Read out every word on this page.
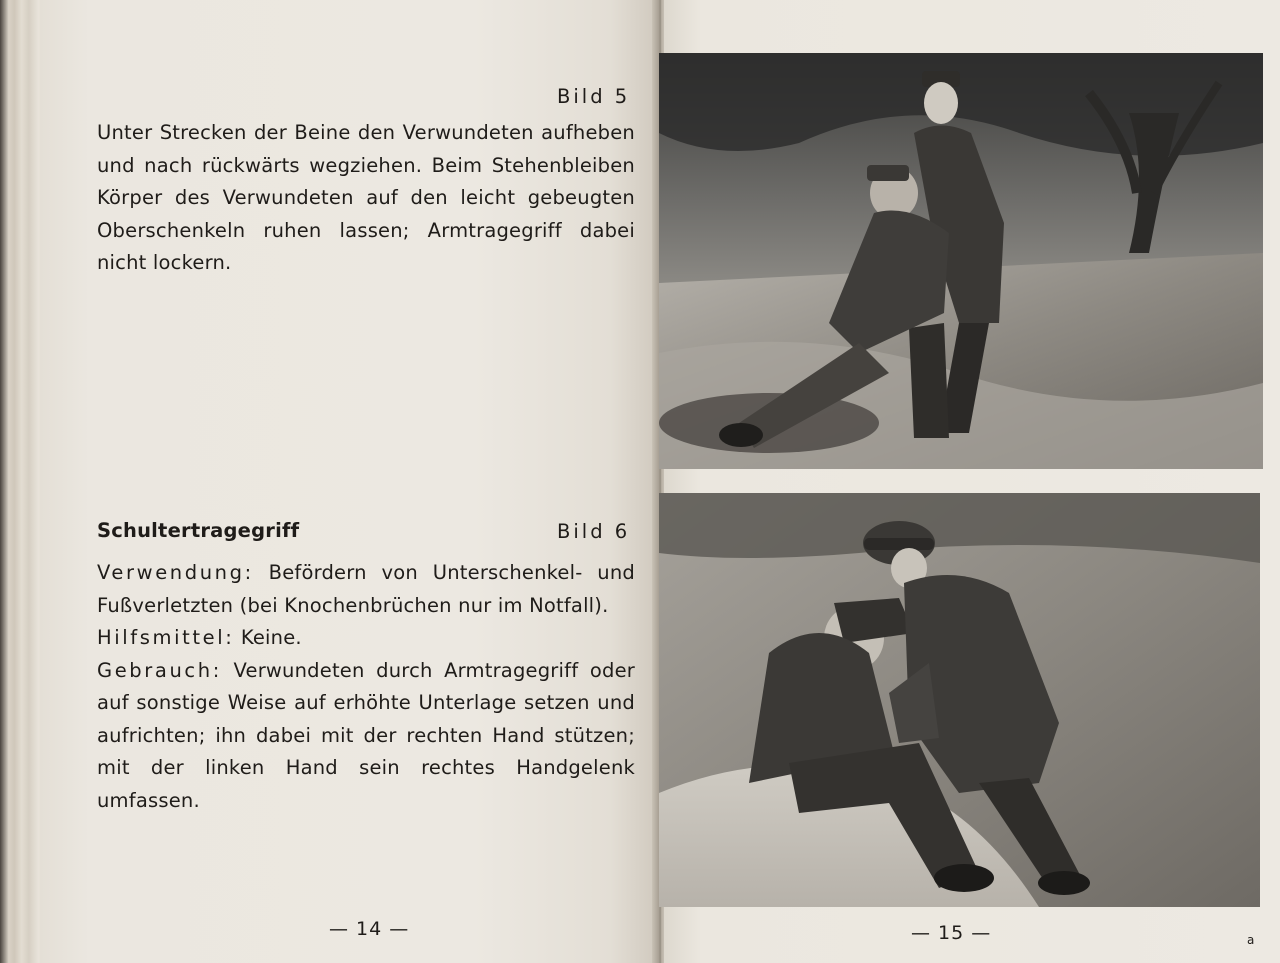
Bild 5

Unter Strecken der Beine den Verwundeten aufheben und nach rückwärts wegziehen. Beim Stehenbleiben Körper des Verwundeten auf den leicht gebeugten Oberschenkeln ruhen lassen; Armtragegriff dabei nicht lockern.

Schultertragegriff	Bild 6

Verwendung: Befördern von Unterschenkel- und Fußverletzten (bei Knochenbrüchen nur im Notfall).

Hilfsmittel: Keine.

Gebrauch: Verwundeten durch Armtragegriff oder auf sonstige Weise auf erhöhte Unterlage setzen und aufrichten; ihn dabei mit der rechten Hand stützen; mit der linken Hand sein rechtes Handgelenk umfassen.

— 14 —	— 15 —	a
